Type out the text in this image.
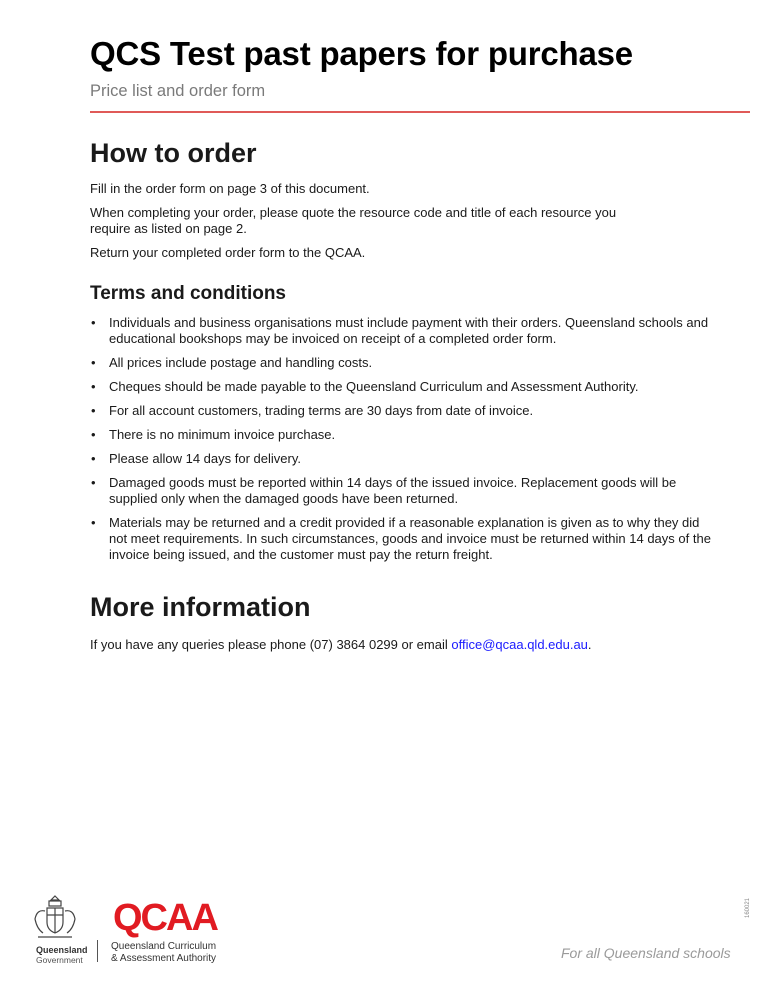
QCS Test past papers for purchase
Price list and order form
How to order
Fill in the order form on page 3 of this document.
When completing your order, please quote the resource code and title of each resource you require as listed on page 2.
Return your completed order form to the QCAA.
Terms and conditions
• Individuals and business organisations must include payment with their orders. Queensland schools and educational bookshops may be invoiced on receipt of a completed order form.
• All prices include postage and handling costs.
• Cheques should be made payable to the Queensland Curriculum and Assessment Authority.
• For all account customers, trading terms are 30 days from date of invoice.
• There is no minimum invoice purchase.
• Please allow 14 days for delivery.
• Damaged goods must be reported within 14 days of the issued invoice. Replacement goods will be supplied only when the damaged goods have been returned.
• Materials may be returned and a credit provided if a reasonable explanation is given as to why they did not meet requirements. In such circumstances, goods and invoice must be returned within 14 days of the invoice being issued, and the customer must pay the return freight.
More information
If you have any queries please phone (07) 3864 0299 or email office@qcaa.qld.edu.au.
Queensland
Government
QCAA
Queensland Curriculum
& Assessment Authority	For all Queensland schools
160021
